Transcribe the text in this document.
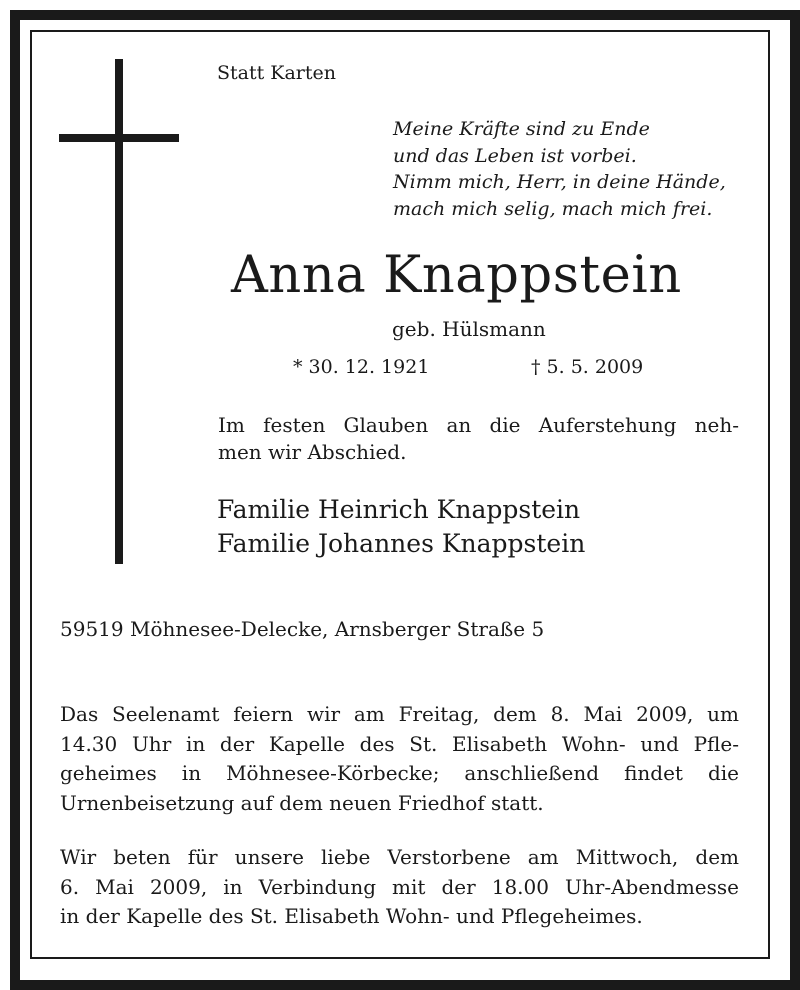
Statt Karten

Meine Kräfte sind zu Ende
und das Leben ist vorbei.
Nimm mich, Herr, in deine Hände,
mach mich selig, mach mich frei.

Anna Knappstein

geb. Hülsmann

* 30. 12. 1921	† 5. 5. 2009

Im festen Glauben an die Auferstehung neh-
men wir Abschied.
Familie Heinrich Knappstein
Familie Johannes Knappstein

59519 Möhnesee-Delecke, Arnsberger Straße 5

Das Seelenamt feiern wir am Freitag, dem 8. Mai 2009, um
14.30 Uhr in der Kapelle des St. Elisabeth Wohn- und Pfle-
geheimes in Möhnesee-Körbecke; anschließend findet die
Urnenbeisetzung auf dem neuen Friedhof statt.
Wir beten für unsere liebe Verstorbene am Mittwoch, dem
6. Mai 2009, in Verbindung mit der 18.00 Uhr-Abendmesse
in der Kapelle des St. Elisabeth Wohn- und Pflegeheimes.
